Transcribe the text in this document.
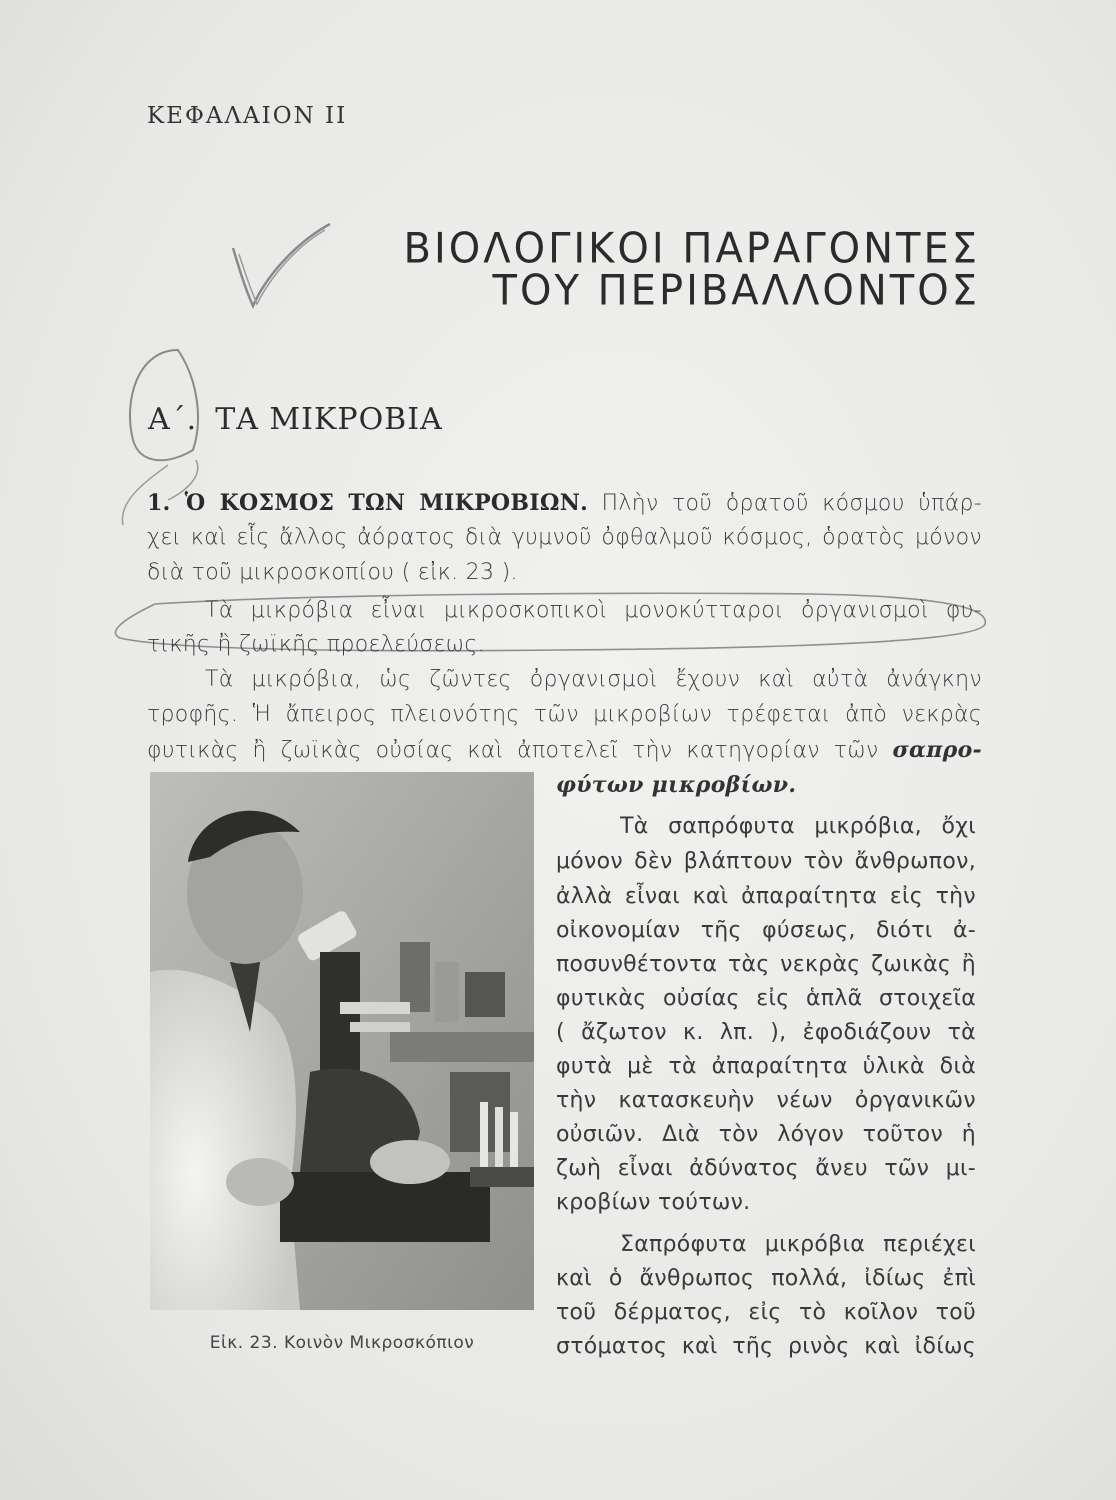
ΚΕΦΑΛΑΙΟΝ II
ΒΙΟΛΟΓΙΚΟΙ ΠΑΡΑΓΟΝΤΕΣ
ΤΟΥ ΠΕΡΙΒΑΛΛΟΝΤΟΣ
Α΄. ΤΑ ΜΙΚΡΟΒΙΑ
1. Ὁ ΚΟΣΜΟΣ ΤΩΝ ΜΙΚΡΟΒΙΩΝ. Πλὴν τοῦ ὁρατοῦ κόσμου ὑπάρ-
χει καὶ εἷς ἄλλος ἀόρατος διὰ γυμνοῦ ὀφθαλμοῦ κόσμος, ὁρατὸς μόνον
διὰ τοῦ μικροσκοπίου ( εἰκ. 23 ).
Τὰ μικρόβια εἶναι μικροσκοπικοὶ μονοκύτταροι ὀργανισμοὶ φυ-
τικῆς ἢ ζωϊκῆς προελεύσεως.
Τὰ μικρόβια, ὡς ζῶντες ὀργανισμοὶ ἔχουν καὶ αὐτὰ ἀνάγκην
τροφῆς. Ἡ ἄπειρος πλειονότης τῶν μικροβίων τρέφεται ἀπὸ νεκρὰς
φυτικὰς ἢ ζωϊκὰς οὐσίας καὶ ἀποτελεῖ τὴν κατηγορίαν τῶν σαπρο-
φύτων μικροβίων.
Εἰκ. 23. Κοινὸν Μικροσκόπιον
Τὰ σαπρόφυτα μικρόβια, ὄχι
μόνον δὲν βλάπτουν τὸν ἄνθρωπον,
ἀλλὰ εἶναι καὶ ἀπαραίτητα εἰς τὴν
οἰκονομίαν τῆς φύσεως, διότι ἀ-
ποσυνθέτοντα τὰς νεκρὰς ζωικὰς ἢ
φυτικὰς οὐσίας εἰς ἁπλᾶ στοιχεῖα
( ἄζωτον κ. λπ. ), ἐφοδιάζουν τὰ
φυτὰ μὲ τὰ ἀπαραίτητα ὑλικὰ διὰ
τὴν κατασκευὴν νέων ὀργανικῶν
οὐσιῶν. Διὰ τὸν λόγον τοῦτον ἡ
ζωὴ εἶναι ἀδύνατος ἄνευ τῶν μι-
κροβίων τούτων.
Σαπρόφυτα μικρόβια περιέχει
καὶ ὁ ἄνθρωπος πολλά, ἰδίως ἐπὶ
τοῦ δέρματος, εἰς τὸ κοῖλον τοῦ
στόματος καὶ τῆς ρινὸς καὶ ἰδίως
